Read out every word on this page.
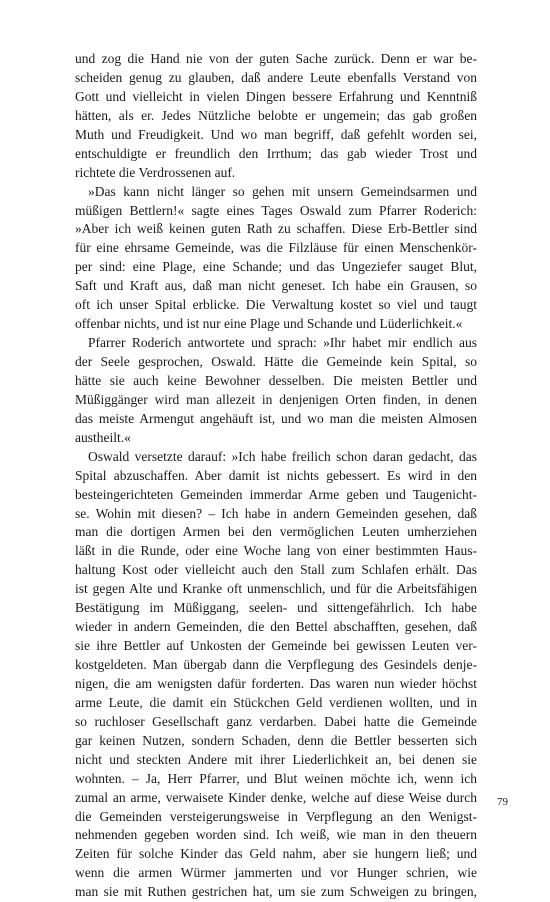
und zog die Hand nie von der guten Sache zurück. Denn er war be-
scheiden genug zu glauben, daß andere Leute ebenfalls Verstand von
Gott und vielleicht in vielen Dingen bessere Erfahrung und Kenntniß
hätten, als er. Jedes Nützliche belobte er ungemein; das gab großen
Muth und Freudigkeit. Und wo man begriff, daß gefehlt worden sei,
entschuldigte er freundlich den Irrthum; das gab wieder Trost und
richtete die Verdrossenen auf.
»Das kann nicht länger so gehen mit unsern Gemeindsarmen und
müßigen Bettlern!« sagte eines Tages Oswald zum Pfarrer Roderich:
»Aber ich weiß keinen guten Rath zu schaffen. Diese Erb-Bettler sind
für eine ehrsame Gemeinde, was die Filzläuse für einen Menschenkör-
per sind: eine Plage, eine Schande; und das Ungeziefer sauget Blut,
Saft und Kraft aus, daß man nicht geneset. Ich habe ein Grausen, so
oft ich unser Spital erblicke. Die Verwaltung kostet so viel und taugt
offenbar nichts, und ist nur eine Plage und Schande und Lüderlichkeit.«
Pfarrer Roderich antwortete und sprach: »Ihr habet mir endlich aus
der Seele gesprochen, Oswald. Hätte die Gemeinde kein Spital, so
hätte sie auch keine Bewohner desselben. Die meisten Bettler und
Müßiggänger wird man allezeit in denjenigen Orten finden, in denen
das meiste Armengut angehäuft ist, und wo man die meisten Almosen
austheilt.«
Oswald versetzte darauf: »Ich habe freilich schon daran gedacht, das
Spital abzuschaffen. Aber damit ist nichts gebessert. Es wird in den
besteingerichteten Gemeinden immerdar Arme geben und Taugenicht-
se. Wohin mit diesen? – Ich habe in andern Gemeinden gesehen, daß
man die dortigen Armen bei den vermöglichen Leuten umherziehen
läßt in die Runde, oder eine Woche lang von einer bestimmten Haus-
haltung Kost oder vielleicht auch den Stall zum Schlafen erhält. Das
ist gegen Alte und Kranke oft unmenschlich, und für die Arbeitsfähigen
Bestätigung im Müßiggang, seelen- und sittengefährlich. Ich habe
wieder in andern Gemeinden, die den Bettel abschafften, gesehen, daß
sie ihre Bettler auf Unkosten der Gemeinde bei gewissen Leuten ver-
kostgeldeten. Man übergab dann die Verpflegung des Gesindels denje-
nigen, die am wenigsten dafür forderten. Das waren nun wieder höchst
arme Leute, die damit ein Stückchen Geld verdienen wollten, und in
so ruchloser Gesellschaft ganz verdarben. Dabei hatte die Gemeinde
gar keinen Nutzen, sondern Schaden, denn die Bettler besserten sich
nicht und steckten Andere mit ihrer Liederlichkeit an, bei denen sie
wohnten. – Ja, Herr Pfarrer, und Blut weinen möchte ich, wenn ich
zumal an arme, verwaisete Kinder denke, welche auf diese Weise durch
die Gemeinden versteigerungsweise in Verpflegung an den Wenigst-
nehmenden gegeben worden sind. Ich weiß, wie man in den theuern
Zeiten für solche Kinder das Geld nahm, aber sie hungern ließ; und
wenn die armen Würmer jammerten und vor Hunger schrien, wie
man sie mit Ruthen gestrichen hat, um sie zum Schweigen zu bringen,
79
